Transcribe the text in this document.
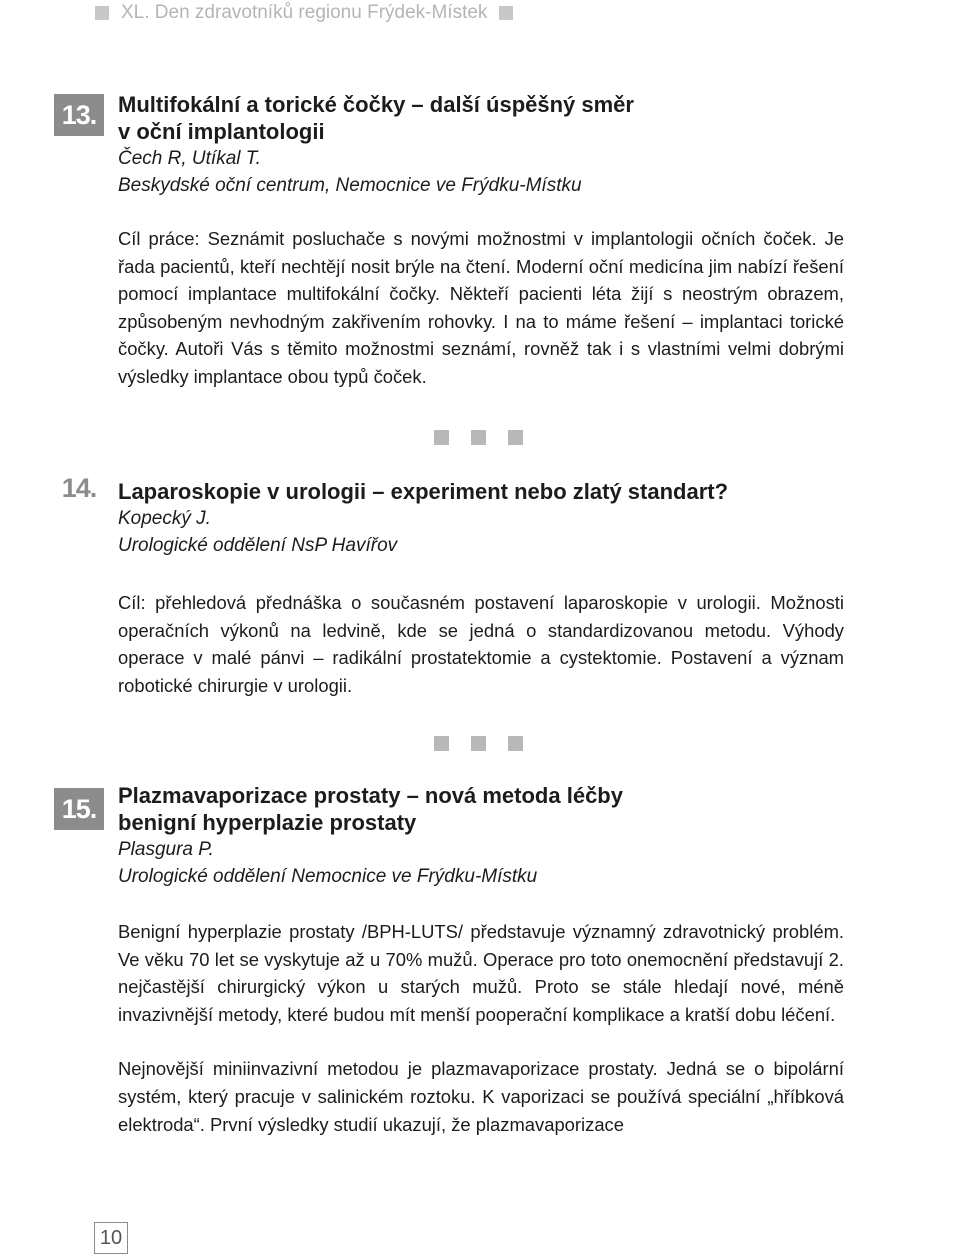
XL. Den zdravotníků regionu Frýdek-Místek
13. Multifokální a torické čočky – další úspěšný směr
v oční implantologii

Čech R, Utíkal T.

Beskydské oční centrum, Nemocnice ve Frýdku-Místku

Cíl práce: Seznámit posluchače s novými možnostmi v implantologii očních čoček. Je řada pacientů, kteří nechtějí nosit brýle na čtení. Moderní oční medicína jim nabízí řešení pomocí implantace multifokální čočky. Někteří pacienti léta žijí s neostrým obrazem, způsobeným nevhodným zakřivením rohovky. I na to máme řešení – implantaci torické čočky. Autoři Vás s těmito možnostmi seznámí, rovněž tak i s vlastními velmi dobrými výsledky implantace obou typů čoček.

14. Laparoskopie v urologii – experiment nebo zlatý standart?

Kopecký J.

Urologické oddělení NsP Havířov

Cíl: přehledová přednáška o současném postavení laparoskopie v urologii. Možnosti operačních výkonů na ledvině, kde se jedná o standardizovanou metodu. Výhody operace v malé pánvi – radikální prostatektomie a cystektomie. Postavení a význam robotické chirurgie v urologii.

15. Plazmavaporizace prostaty – nová metoda léčby
benigní hyperplazie prostaty

Plasgura P.

Urologické oddělení Nemocnice ve Frýdku-Místku

Benigní hyperplazie prostaty /BPH-LUTS/ představuje významný zdravotnický problém. Ve věku 70 let se vyskytuje až u 70% mužů. Operace pro toto onemocnění představují 2. nejčastější chirurgický výkon u starých mužů. Proto se stále hledají nové, méně invazivnější metody, které budou mít menší pooperační komplikace a kratší dobu léčení.

Nejnovější miniinvazivní metodou je plazmavaporizace prostaty. Jedná se o bipolární systém, který pracuje v salinickém roztoku. K vaporizaci se používá speciální „hříbková elektroda“. První výsledky studií ukazují, že plazmavaporizace

10
